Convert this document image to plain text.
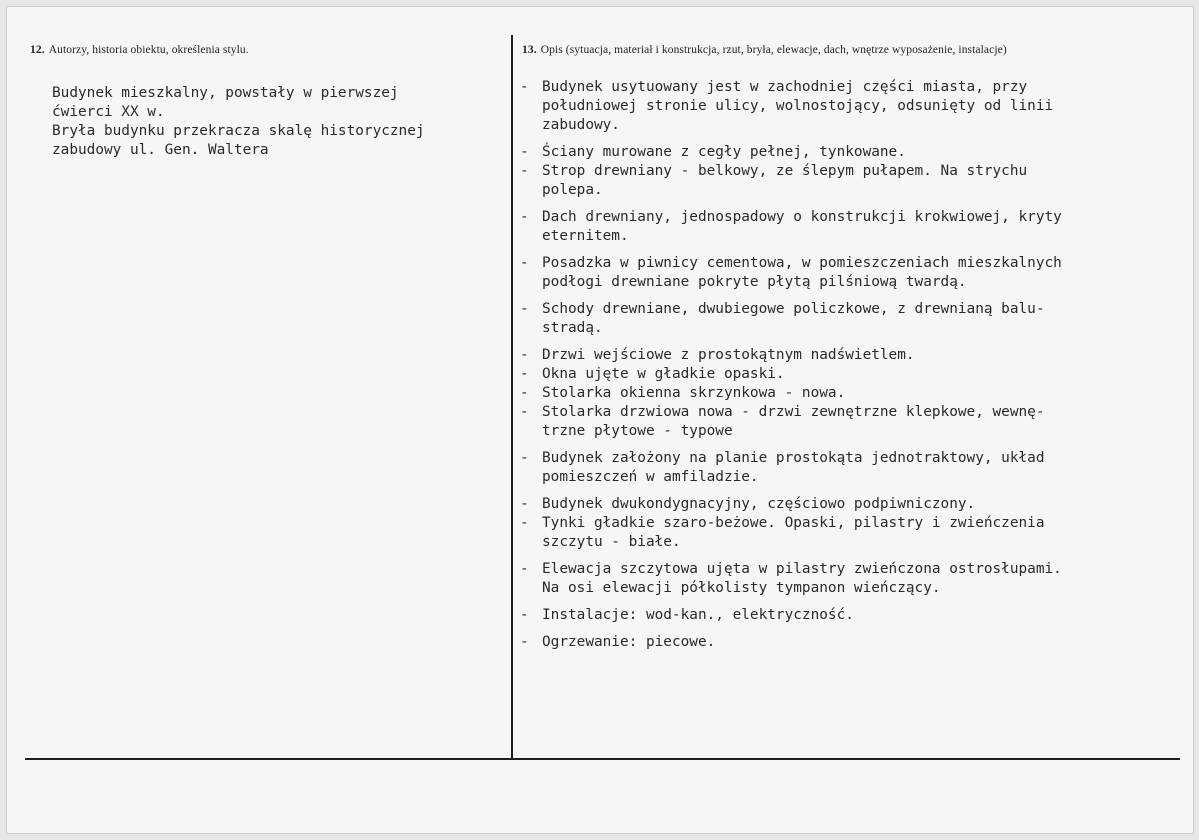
12. Autorzy, historia obiektu, określenia stylu.	13. Opis (sytuacja, materiał i konstrukcja, rzut, bryła, elewacje, dach, wnętrze wyposażenie, instalacje)
Budynek mieszkalny, powstały w pierwszej
ćwierci XX w.
Bryła budynku przekracza skalę historycznej
zabudowy ul. Gen. Waltera
- Budynek usytuowany jest w zachodniej części miasta, przy
południowej stronie ulicy, wolnostojący, odsunięty od linii
zabudowy.
- Ściany murowane z cegły pełnej, tynkowane.
- Strop drewniany - belkowy, ze ślepym pułapem. Na strychu
polepa.
- Dach drewniany, jednospadowy o konstrukcji krokwiowej, kryty
eternitem.
- Posadzka w piwnicy cementowa, w pomieszczeniach mieszkalnych
podłogi drewniane pokryte płytą pilśniową twardą.
- Schody drewniane, dwubiegowe policzkowe, z drewnianą balu-
stradą.
- Drzwi wejściowe z prostokątnym nadświetlem.
- Okna ujęte w gładkie opaski.
- Stolarka okienna skrzynkowa - nowa.
- Stolarka drzwiowa nowa - drzwi zewnętrzne klepkowe, wewnę-
trzne płytowe - typowe
- Budynek założony na planie prostokąta jednotraktowy, układ
pomieszczeń w amfiladzie.
- Budynek dwukondygnacyjny, częściowo podpiwniczony.
- Tynki gładkie szaro-beżowe. Opaski, pilastry i zwieńczenia
szczytu - białe.
- Elewacja szczytowa ujęta w pilastry zwieńczona ostrosłupami.
Na osi elewacji półkolisty tympanon wieńczący.
- Instalacje: wod-kan., elektryczność.
- Ogrzewanie: piecowe.
